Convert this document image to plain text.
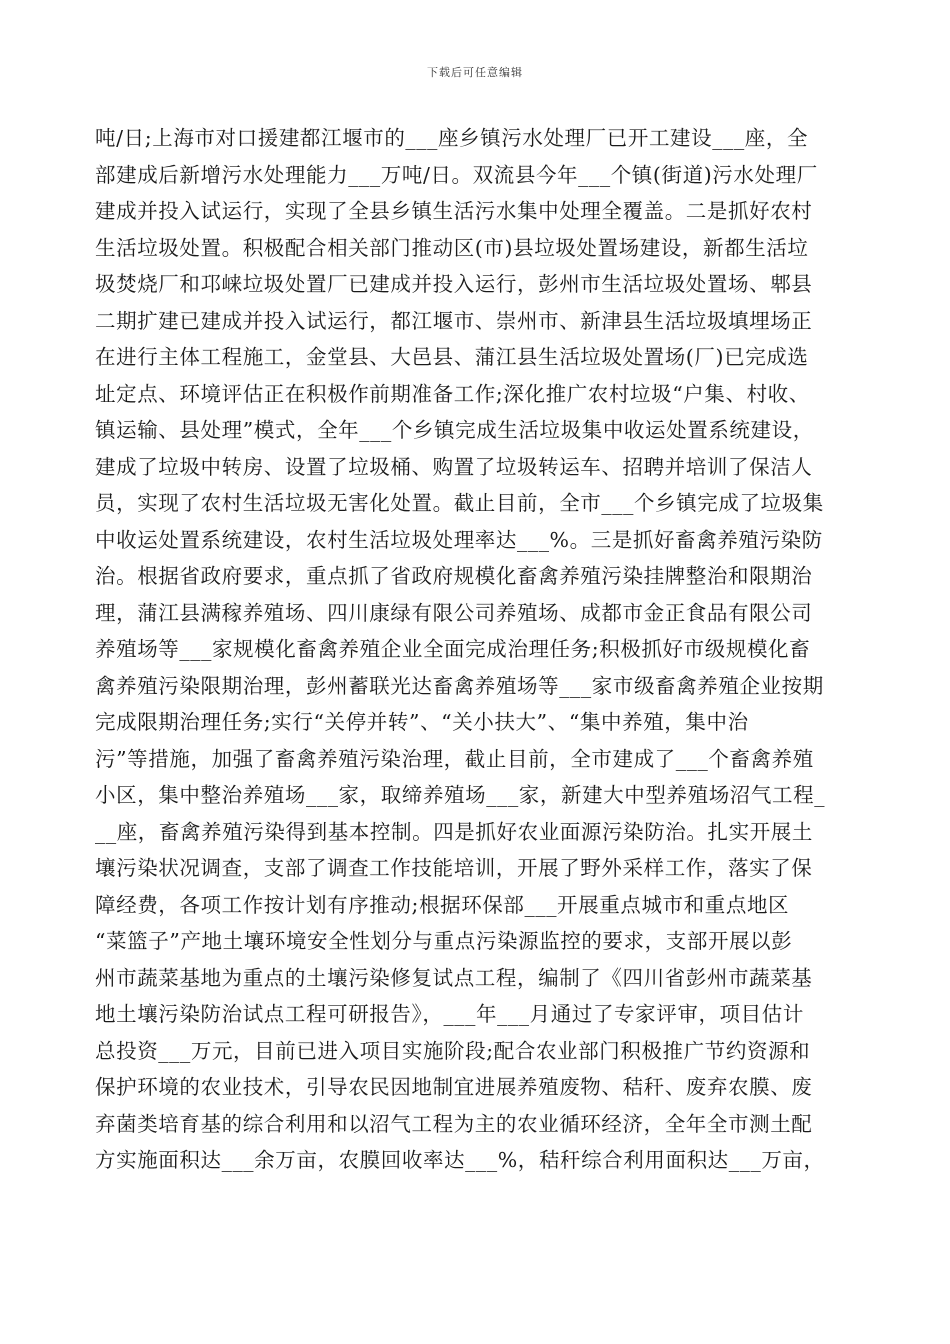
下载后可任意编辑
吨/日;上海市对口援建都江堰市的___座乡镇污水处理厂已开工建设___座，全
部建成后新增污水处理能力___万吨/日。双流县今年___个镇(街道)污水处理厂
建成并投入试运行，实现了全县乡镇生活污水集中处理全覆盖。二是抓好农村
生活垃圾处置。积极配合相关部门推动区(市)县垃圾处置场建设，新都生活垃
圾焚烧厂和邛崃垃圾处置厂已建成并投入运行，彭州市生活垃圾处置场、郫县
二期扩建已建成并投入试运行，都江堰市、崇州市、新津县生活垃圾填埋场正
在进行主体工程施工，金堂县、大邑县、蒲江县生活垃圾处置场(厂)已完成选
址定点、环境评估正在积极作前期准备工作;深化推广农村垃圾“户集、村收、
镇运输、县处理”模式，全年___个乡镇完成生活垃圾集中收运处置系统建设，
建成了垃圾中转房、设置了垃圾桶、购置了垃圾转运车、招聘并培训了保洁人
员，实现了农村生活垃圾无害化处置。截止目前，全市___个乡镇完成了垃圾集
中收运处置系统建设，农村生活垃圾处理率达___%。三是抓好畜禽养殖污染防
治。根据省政府要求，重点抓了省政府规模化畜禽养殖污染挂牌整治和限期治
理，蒲江县满稼养殖场、四川康绿有限公司养殖场、成都市金正食品有限公司
养殖场等___家规模化畜禽养殖企业全面完成治理任务;积极抓好市级规模化畜
禽养殖污染限期治理，彭州蓄联光达畜禽养殖场等___家市级畜禽养殖企业按期
完成限期治理任务;实行“关停并转”、“关小扶大”、“集中养殖，集中治
污”等措施，加强了畜禽养殖污染治理，截止目前，全市建成了___个畜禽养殖
小区，集中整治养殖场___家，取缔养殖场___家，新建大中型养殖场沼气工程_
__座，畜禽养殖污染得到基本控制。四是抓好农业面源污染防治。扎实开展土
壤污染状况调查，支部了调查工作技能培训，开展了野外采样工作，落实了保
障经费，各项工作按计划有序推动;根据环保部___开展重点城市和重点地区
“菜篮子”产地土壤环境安全性划分与重点污染源监控的要求，支部开展以彭
州市蔬菜基地为重点的土壤污染修复试点工程，编制了《四川省彭州市蔬菜基
地土壤污染防治试点工程可研报告》，___年___月通过了专家评审，项目估计
总投资___万元，目前已进入项目实施阶段;配合农业部门积极推广节约资源和
保护环境的农业技术，引导农民因地制宜进展养殖废物、秸秆、废弃农膜、废
弃菌类培育基的综合利用和以沼气工程为主的农业循环经济，全年全市测土配
方实施面积达___余万亩，农膜回收率达___%，秸秆综合利用面积达___万亩，
